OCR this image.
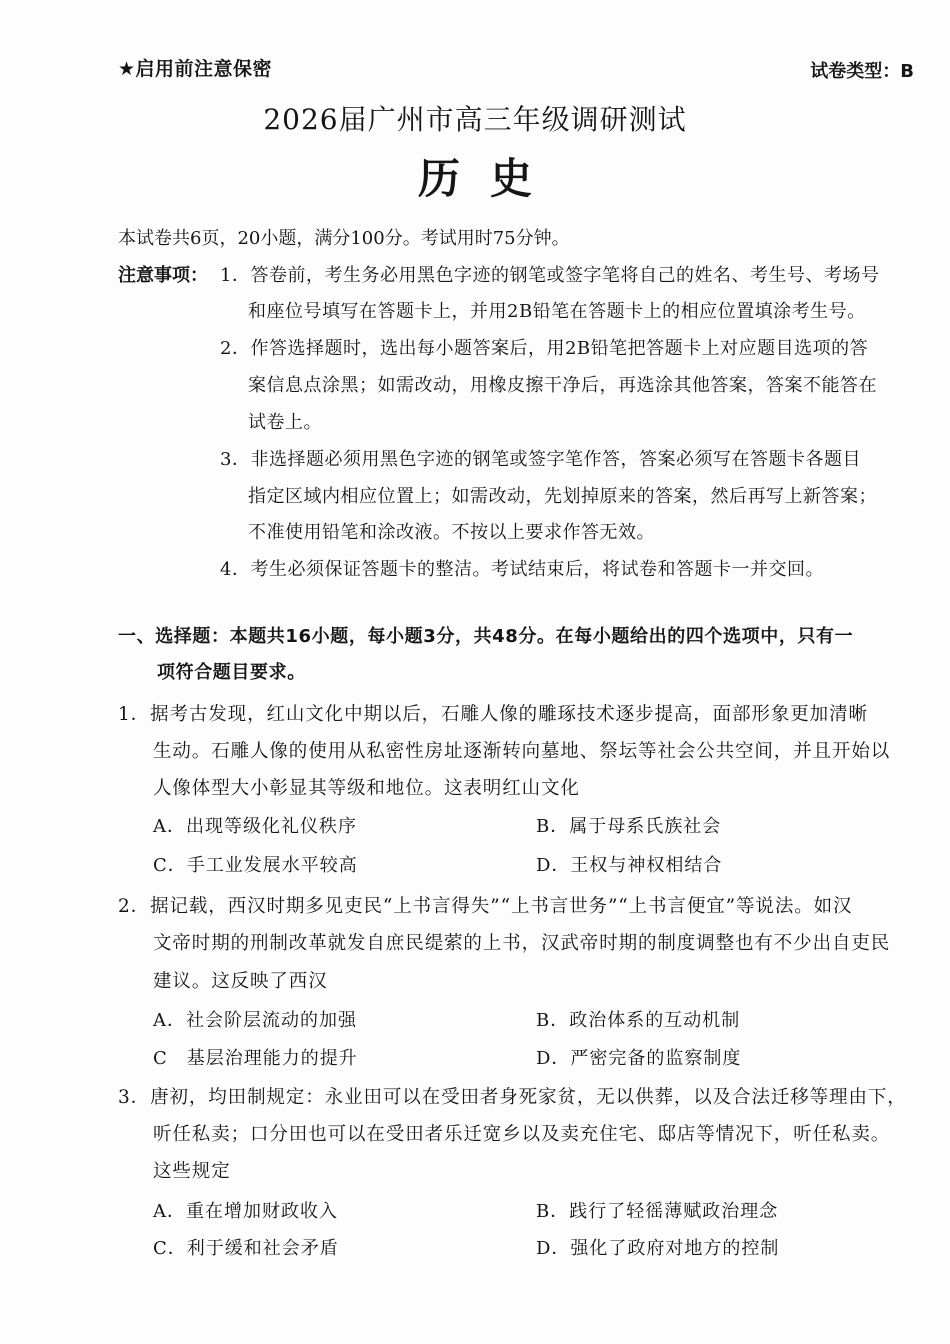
★启用前注意保密	试卷类型：B
2026届广州市高三年级调研测试
历史
本试卷共6页，20小题，满分100分。考试用时75分钟。
注意事项： 1．答卷前，考生务必用黑色字迹的钢笔或签字笔将自己的姓名、考生号、考场号
和座位号填写在答题卡上，并用2B铅笔在答题卡上的相应位置填涂考生号。
2．作答选择题时，选出每小题答案后，用2B铅笔把答题卡上对应题目选项的答
案信息点涂黑；如需改动，用橡皮擦干净后，再选涂其他答案，答案不能答在
试卷上。
3．非选择题必须用黑色字迹的钢笔或签字笔作答，答案必须写在答题卡各题目
指定区域内相应位置上；如需改动，先划掉原来的答案，然后再写上新答案；
不准使用铅笔和涂改液。不按以上要求作答无效。
4．考生必须保证答题卡的整洁。考试结束后，将试卷和答题卡一并交回。
一、选择题：本题共16小题，每小题3分，共48分。在每小题给出的四个选项中，只有一
项符合题目要求。
1．据考古发现，红山文化中期以后，石雕人像的雕琢技术逐步提高，面部形象更加清晰
生动。石雕人像的使用从私密性房址逐渐转向墓地、祭坛等社会公共空间，并且开始以
人像体型大小彰显其等级和地位。这表明红山文化
A．出现等级化礼仪秩序	B．属于母系氏族社会
C．手工业发展水平较高	D．王权与神权相结合
2．据记载，西汉时期多见吏民“上书言得失”“上书言世务”“上书言便宜”等说法。如汉
文帝时期的刑制改革就发自庶民缇萦的上书，汉武帝时期的制度调整也有不少出自吏民
建议。这反映了西汉
A．社会阶层流动的加强	B．政治体系的互动机制
C　基层治理能力的提升	D．严密完备的监察制度
3．唐初，均田制规定：永业田可以在受田者身死家贫，无以供葬，以及合法迁移等理由下，
听任私卖；口分田也可以在受田者乐迁宽乡以及卖充住宅、邸店等情况下，听任私卖。
这些规定
A．重在增加财政收入	B．践行了轻徭薄赋政治理念
C．利于缓和社会矛盾	D．强化了政府对地方的控制
